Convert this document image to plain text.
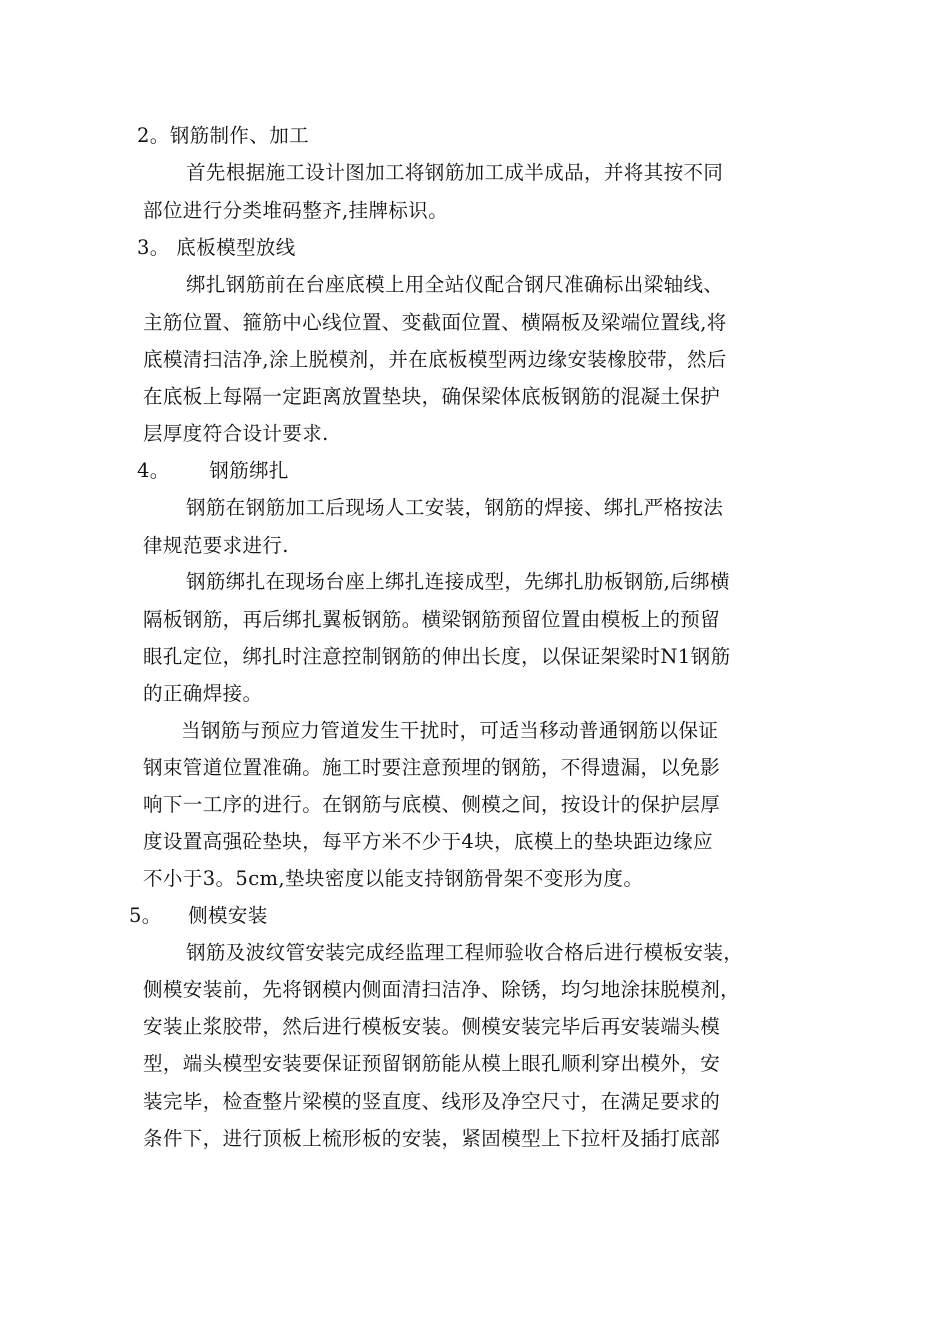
2。钢筋制作、加工
首先根据施工设计图加工将钢筋加工成半成品，并将其按不同
部位进行分类堆码整齐,挂牌标识。
3。 底板模型放线
绑扎钢筋前在台座底模上用全站仪配合钢尺准确标出梁轴线、
主筋位置、箍筋中心线位置、变截面位置、横隔板及梁端位置线,将
底模清扫洁净,涂上脱模剂，并在底板模型两边缘安装橡胶带，然后
在底板上每隔一定距离放置垫块，确保梁体底板钢筋的混凝土保护
层厚度符合设计要求.
4。      钢筋绑扎
钢筋在钢筋加工后现场人工安装，钢筋的焊接、绑扎严格按法
律规范要求进行.
钢筋绑扎在现场台座上绑扎连接成型，先绑扎肋板钢筋,后绑横
隔板钢筋，再后绑扎翼板钢筋。横梁钢筋预留位置由模板上的预留
眼孔定位，绑扎时注意控制钢筋的伸出长度，以保证架梁时N1钢筋
的正确焊接。
当钢筋与预应力管道发生干扰时，可适当移动普通钢筋以保证
钢束管道位置准确。施工时要注意预埋的钢筋，不得遗漏，以免影
响下一工序的进行。在钢筋与底模、侧模之间，按设计的保护层厚
度设置高强砼垫块，每平方米不少于4块，底模上的垫块距边缘应
不小于3。5cm,垫块密度以能支持钢筋骨架不变形为度。
5。    侧模安装
钢筋及波纹管安装完成经监理工程师验收合格后进行模板安装，
侧模安装前，先将钢模内侧面清扫洁净、除锈，均匀地涂抹脱模剂，
安装止浆胶带，然后进行模板安装。侧模安装完毕后再安装端头模
型，端头模型安装要保证预留钢筋能从模上眼孔顺利穿出模外，安
装完毕，检查整片梁模的竖直度、线形及净空尺寸，在满足要求的
条件下，进行顶板上梳形板的安装，紧固模型上下拉杆及插打底部
